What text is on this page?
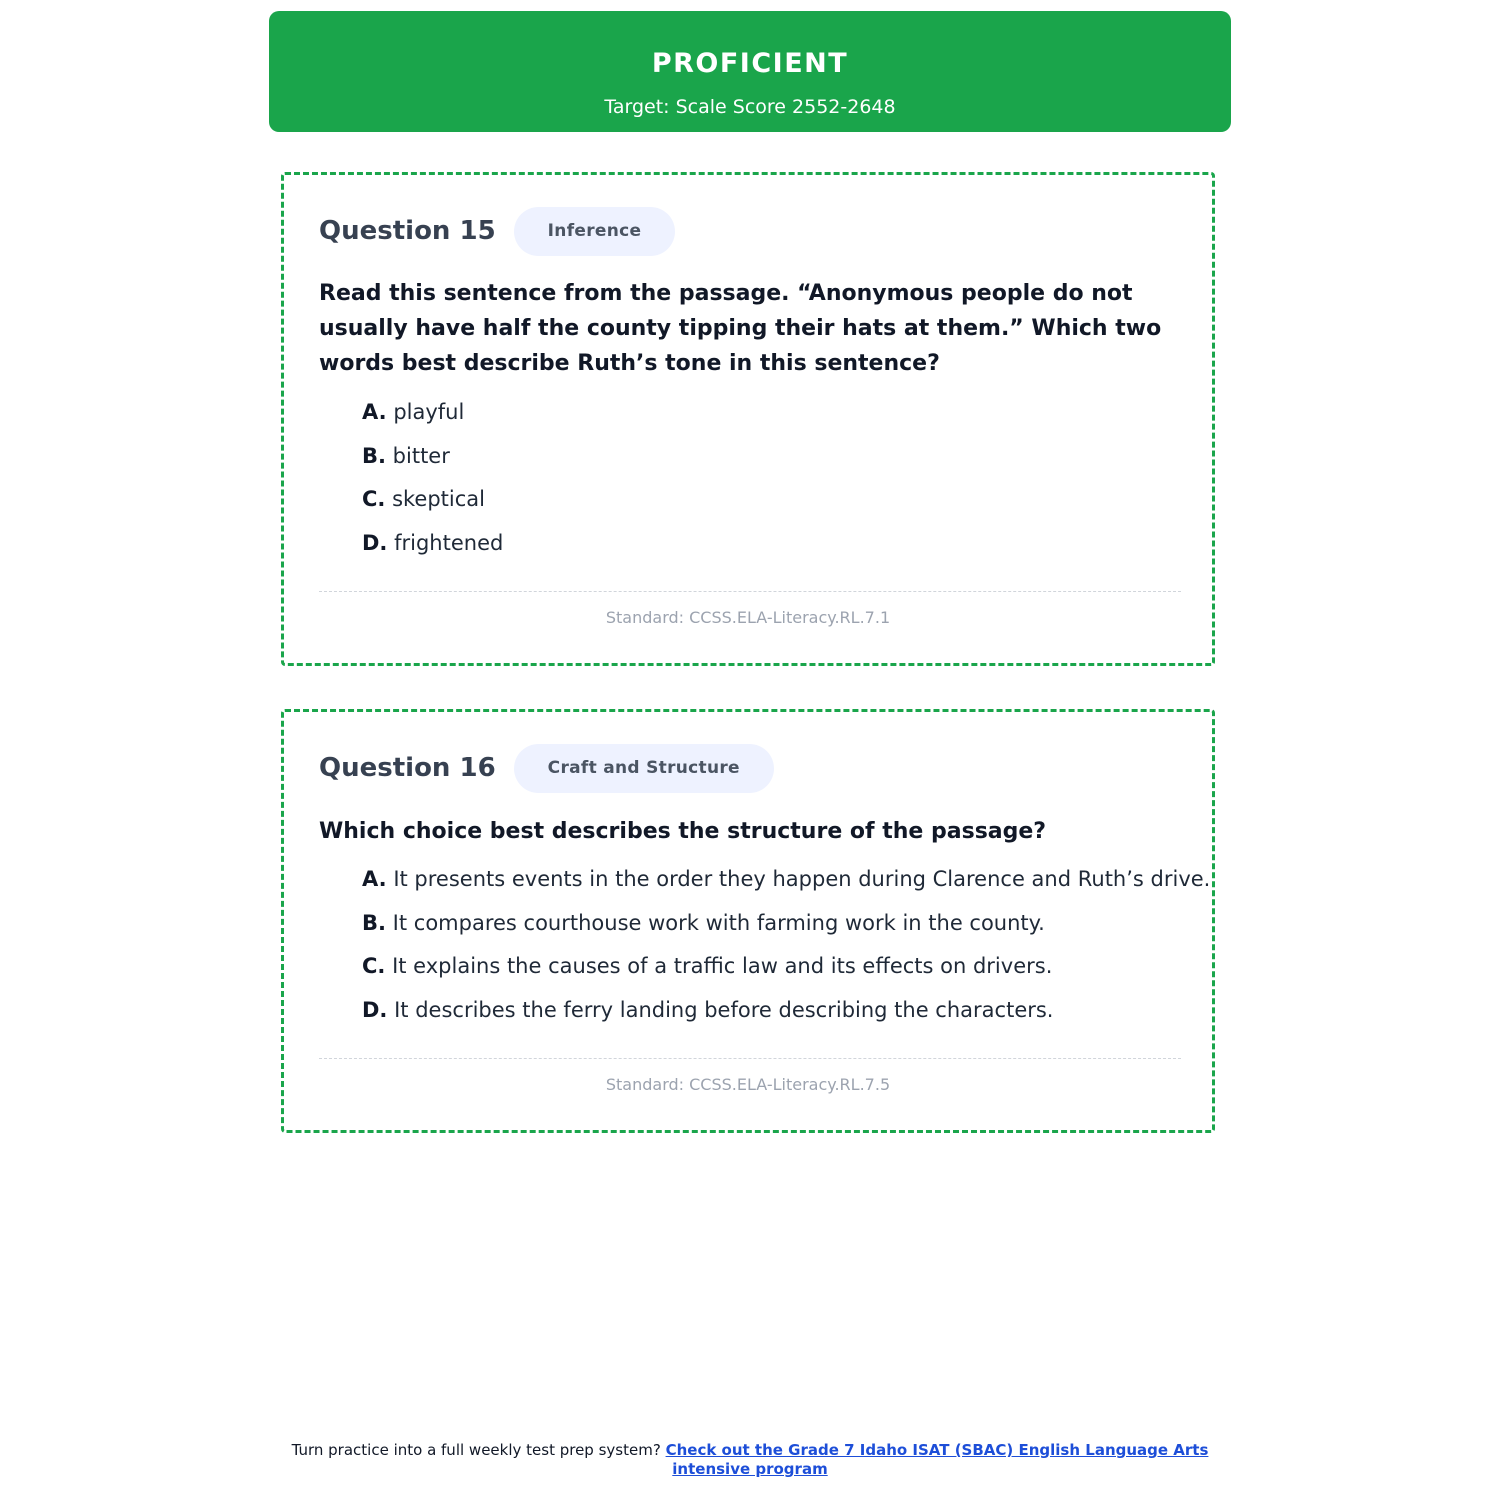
PROFICIENT
Target: Scale Score 2552-2648
Question 15	Inference
Read this sentence from the passage. “Anonymous people do not usually have half the county tipping their hats at them.” Which two words best describe Ruth’s tone in this sentence?
A. playful
B. bitter
C. skeptical
D. frightened
Standard: CCSS.ELA-Literacy.RL.7.1
Question 16	Craft and Structure
Which choice best describes the structure of the passage?
A. It presents events in the order they happen during Clarence and Ruth’s drive.
B. It compares courthouse work with farming work in the county.
C. It explains the causes of a traffic law and its effects on drivers.
D. It describes the ferry landing before describing the characters.
Standard: CCSS.ELA-Literacy.RL.7.5
Turn practice into a full weekly test prep system? Check out the Grade 7 Idaho ISAT (SBAC) English Language Arts intensive program
